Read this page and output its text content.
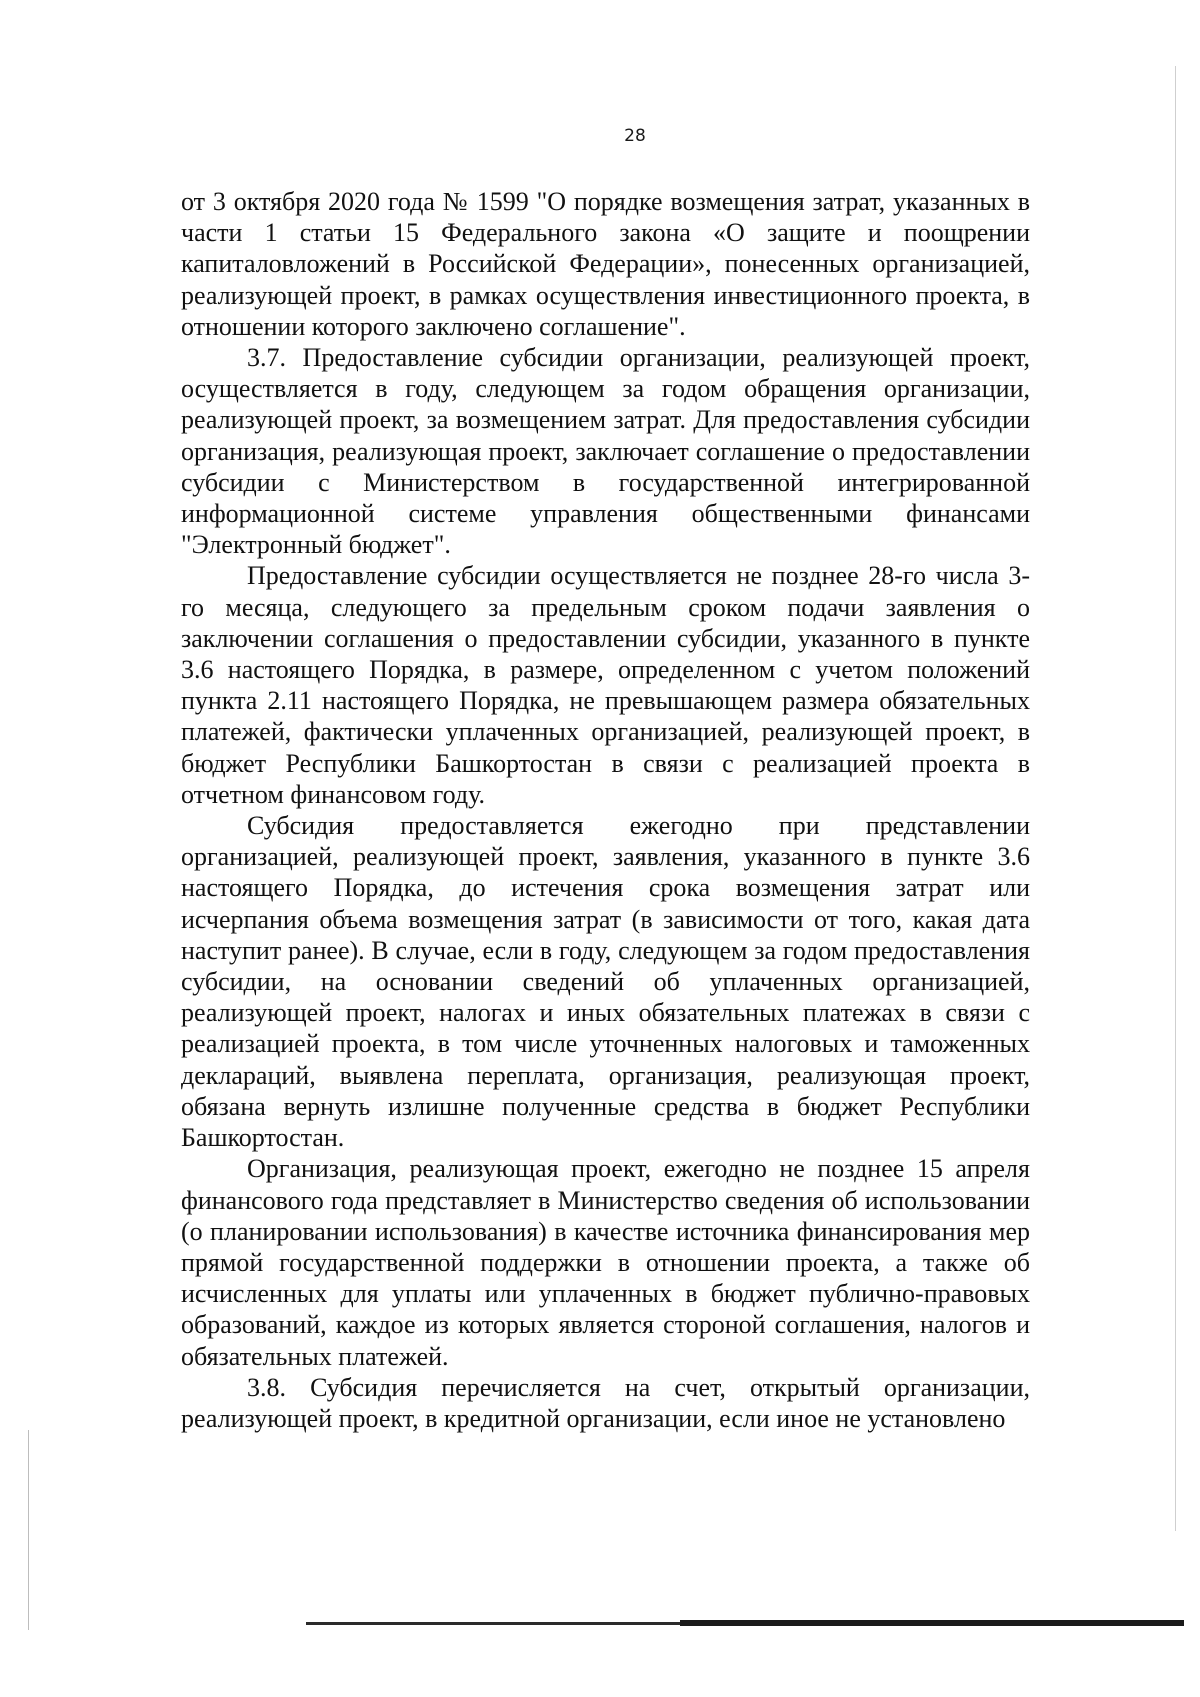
28

от 3 октября 2020 года № 1599 "О порядке возмещения затрат, указанных в части 1 статьи 15 Федерального закона «О защите и поощрении капиталовложений в Российской Федерации», понесенных организацией, реализующей проект, в рамках осуществления инвестиционного проекта, в отношении которого заключено соглашение".

3.7. Предоставление субсидии организации, реализующей проект, осуществляется в году, следующем за годом обращения организации, реализующей проект, за возмещением затрат. Для предоставления субсидии организация, реализующая проект, заключает соглашение о предоставлении субсидии с Министерством в государственной интегрированной информационной системе управления общественными финансами "Электронный бюджет".

Предоставление субсидии осуществляется не позднее 28-го числа 3-го месяца, следующего за предельным сроком подачи заявления о заключении соглашения о предоставлении субсидии, указанного в пункте 3.6 настоящего Порядка, в размере, определенном с учетом положений пункта 2.11 настоящего Порядка, не превышающем размера обязательных платежей, фактически уплаченных организацией, реализующей проект, в бюджет Республики Башкортостан в связи с реализацией проекта в отчетном финансовом году.

Субсидия предоставляется ежегодно при представлении организацией, реализующей проект, заявления, указанного в пункте 3.6 настоящего Порядка, до истечения срока возмещения затрат или исчерпания объема возмещения затрат (в зависимости от того, какая дата наступит ранее). В случае, если в году, следующем за годом предоставления субсидии, на основании сведений об уплаченных организацией, реализующей проект, налогах и иных обязательных платежах в связи с реализацией проекта, в том числе уточненных налоговых и таможенных деклараций, выявлена переплата, организация, реализующая проект, обязана вернуть излишне полученные средства в бюджет Республики Башкортостан.

Организация, реализующая проект, ежегодно не позднее 15 апреля финансового года представляет в Министерство сведения об использовании (о планировании использования) в качестве источника финансирования мер прямой государственной поддержки в отношении проекта, а также об исчисленных для уплаты или уплаченных в бюджет публично-правовых образований, каждое из которых является стороной соглашения, налогов и обязательных платежей.

3.8. Субсидия перечисляется на счет, открытый организации, реализующей проект, в кредитной организации, если иное не установлено
